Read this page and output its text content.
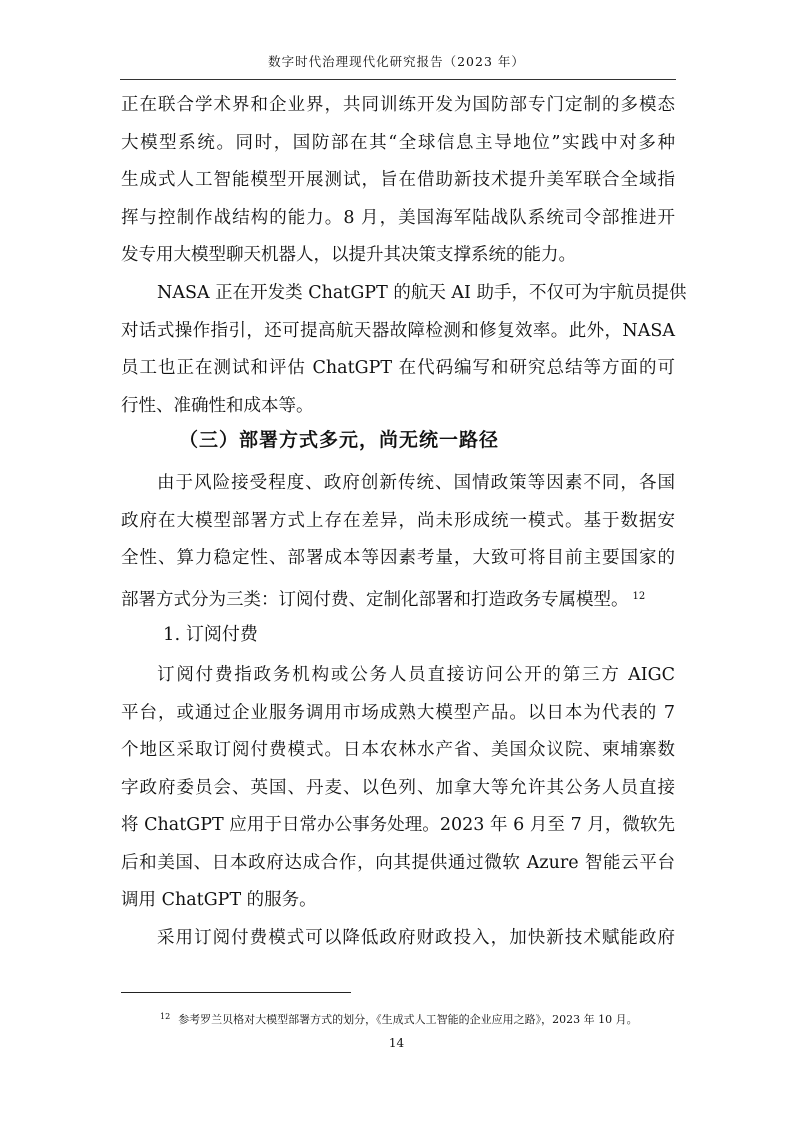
数字时代治理现代化研究报告（2023 年）
正在联合学术界和企业界，共同训练开发为国防部专门定制的多模态
大模型系统。同时，国防部在其“全球信息主导地位”实践中对多种
生成式人工智能模型开展测试，旨在借助新技术提升美军联合全域指
挥与控制作战结构的能力。8 月，美国海军陆战队系统司令部推进开
发专用大模型聊天机器人，以提升其决策支撑系统的能力。
NASA 正在开发类 ChatGPT 的航天 AI 助手，不仅可为宇航员提供
对话式操作指引，还可提高航天器故障检测和修复效率。此外，NASA
员工也正在测试和评估 ChatGPT 在代码编写和研究总结等方面的可
行性、准确性和成本等。
（三）部署方式多元，尚无统一路径
由于风险接受程度、政府创新传统、国情政策等因素不同，各国
政府在大模型部署方式上存在差异，尚未形成统一模式。基于数据安
全性、算力稳定性、部署成本等因素考量，大致可将目前主要国家的
部署方式分为三类：订阅付费、定制化部署和打造政务专属模型。 $^{12}$
1. 订阅付费
订阅付费指政务机构或公务人员直接访问公开的第三方 AIGC
平台，或通过企业服务调用市场成熟大模型产品。以日本为代表的 7
个地区采取订阅付费模式。日本农林水产省、美国众议院、柬埔寨数
字政府委员会、英国、丹麦、以色列、加拿大等允许其公务人员直接
将 ChatGPT 应用于日常办公事务处理。2023 年 6 月至 7 月，微软先
后和美国、日本政府达成合作，向其提供通过微软 Azure 智能云平台
调用 ChatGPT 的服务。
采用订阅付费模式可以降低政府财政投入，加快新技术赋能政府
$^{12}$ 参考罗兰贝格对大模型部署方式的划分，《生成式人工智能的企业应用之路》，2023 年 10 月。
14
